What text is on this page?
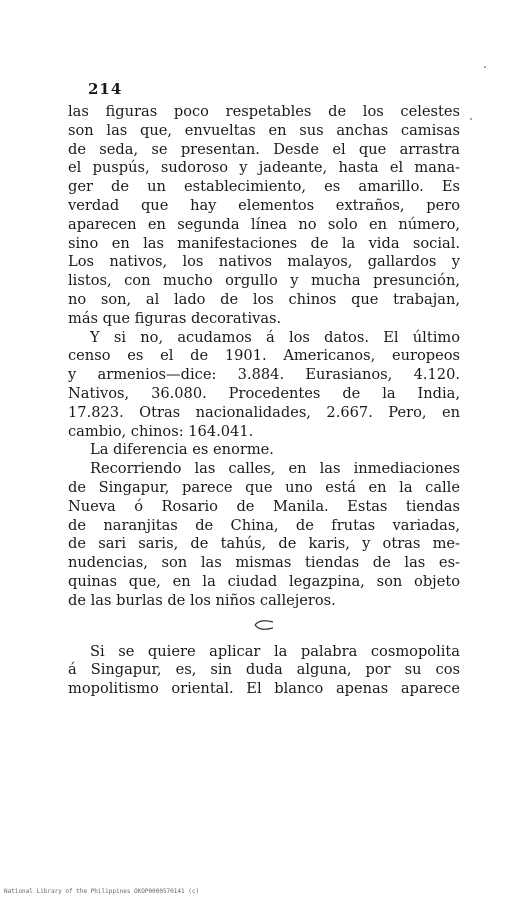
214
las figuras poco respetables de los celestes
son las que, envueltas en sus anchas camisas
de seda, se presentan. Desde el que arrastra
el puspús, sudoroso y jadeante, hasta el mana-
ger de un establecimiento, es amarillo. Es
verdad que hay elementos extraños, pero
aparecen en segunda línea no solo en número,
sino en las manifestaciones de la vida social.
Los nativos, los nativos malayos, gallardos y
listos, con mucho orgullo y mucha presunción,
no son, al lado de los chinos que trabajan,
más que figuras decorativas.
Y si no, acudamos á los datos. El último
censo es el de 1901. Americanos, europeos
y armenios—dice: 3.884. Eurasianos, 4.120.
Nativos, 36.080. Procedentes de la India,
17.823. Otras nacionalidades, 2.667. Pero, en
cambio, chinos: 164.041.
La diferencia es enorme.
Recorriendo las calles, en las inmediaciones
de Singapur, parece que uno está en la calle
Nueva ó Rosario de Manila. Estas tiendas
de naranjitas de China, de frutas variadas,
de sari saris, de tahús, de karis, y otras me-
nudencias, son las mismas tiendas de las es-
quinas que, en la ciudad legazpina, son objeto
de las burlas de los niños callejeros.
Si se quiere aplicar la palabra cosmopolita
á Singapur, es, sin duda alguna, por su cos
mopolitismo oriental. El blanco apenas aparece
National Library of the Philippines OKOP0000570141 (c)
